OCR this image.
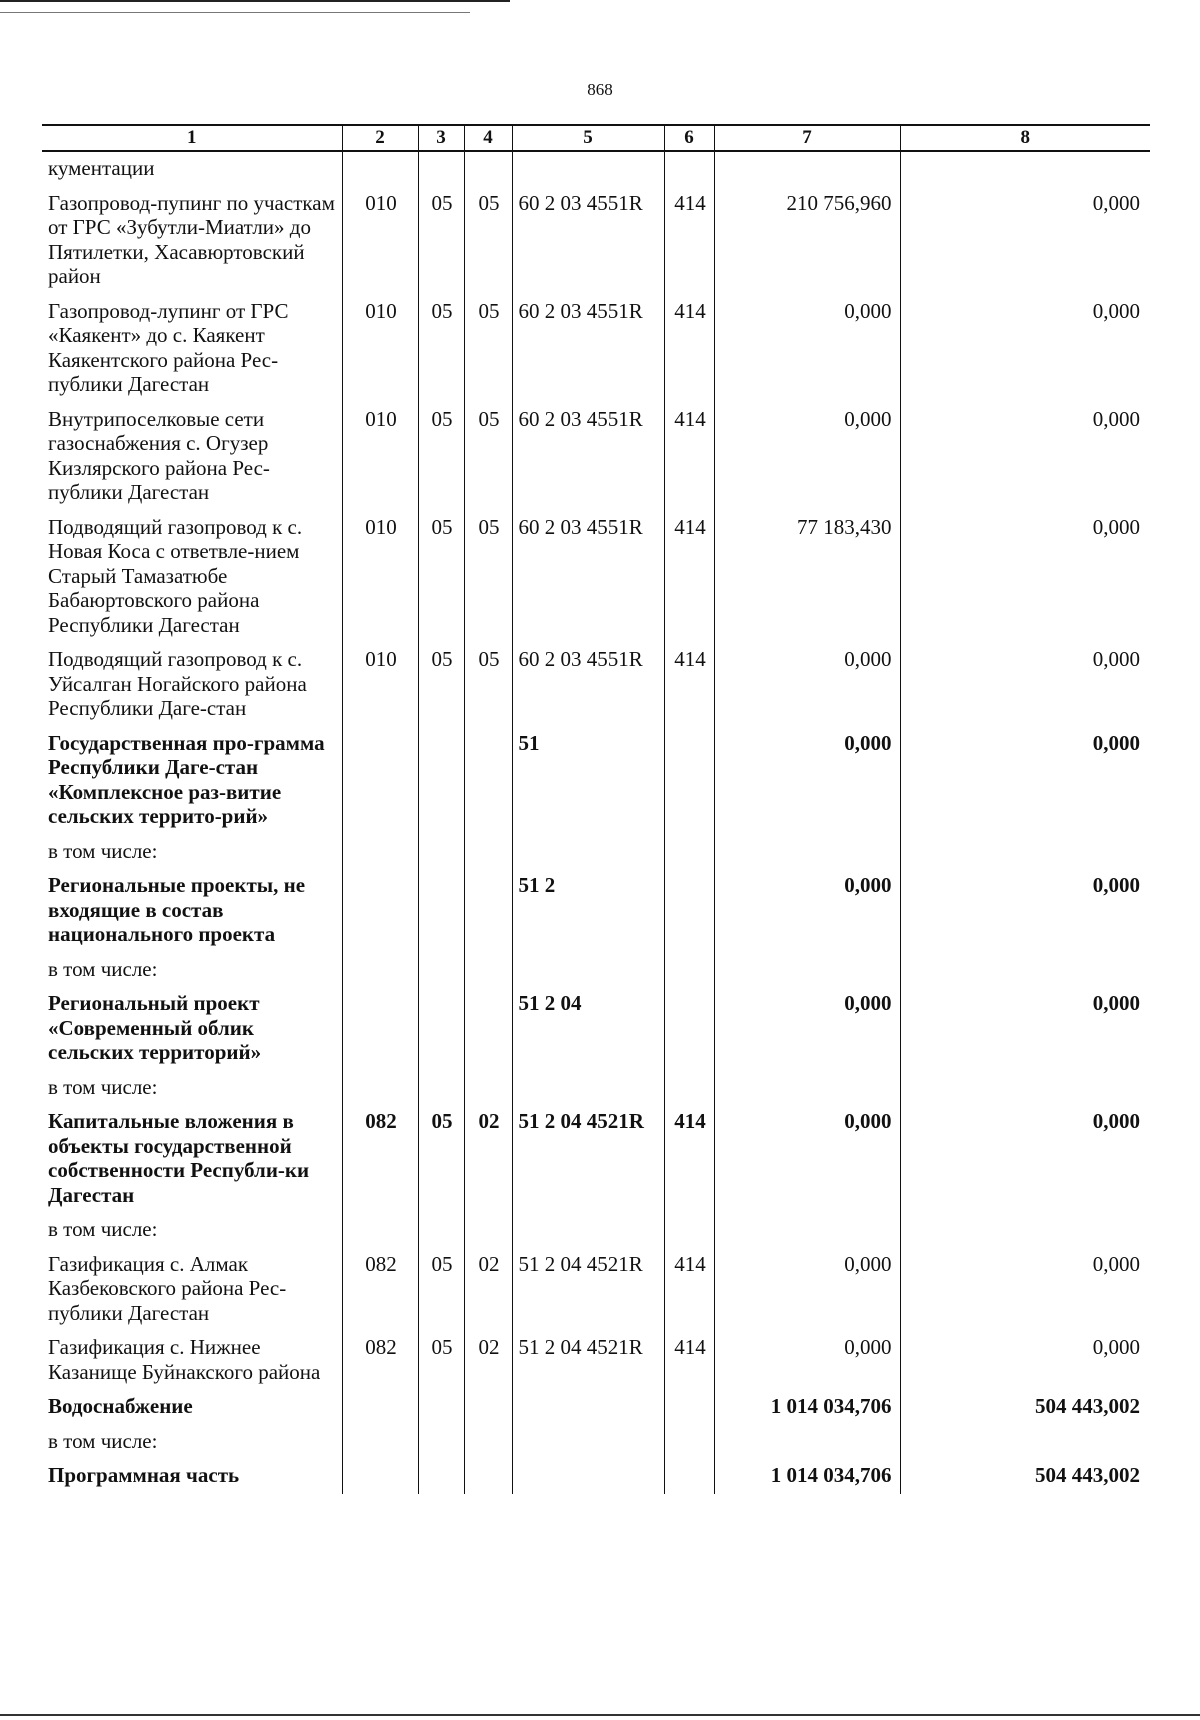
868
1	2	3	4	5	6	7	8
кументации							
Газопровод-пупинг по участкам от ГРС «Зубутли-Миатли» до Пятилетки, Хасавюртовский район	010	05	05	60 2 03 4551R	414	210 756,960	0,000
Газопровод-лупинг от ГРС «Каякент» до с. Каякент Каякентского района Рес-публики Дагестан	010	05	05	60 2 03 4551R	414	0,000	0,000
Внутрипоселковые сети газоснабжения с. Огузер Кизлярского района Рес-публики Дагестан	010	05	05	60 2 03 4551R	414	0,000	0,000
Подводящий газопровод к с. Новая Коса с ответвле-нием Старый Тамазатюбе Бабаюртовского района Республики Дагестан	010	05	05	60 2 03 4551R	414	77 183,430	0,000
Подводящий газопровод к с. Уйсалган Ногайского района Республики Даге-стан	010	05	05	60 2 03 4551R	414	0,000	0,000
Государственная про-грамма Республики Даге-стан «Комплексное раз-витие сельских террито-рий»				51		0,000	0,000
в том числе:							
Региональные проекты, не входящие в состав национального проекта				51 2		0,000	0,000
в том числе:							
Региональный проект «Современный облик сельских территорий»				51 2 04		0,000	0,000
в том числе:							
Капитальные вложения в объекты государственной собственности Республи-ки Дагестан	082	05	02	51 2 04 4521R	414	0,000	0,000
в том числе:							
Газификация с. Алмак Казбековского района Рес-публики Дагестан	082	05	02	51 2 04 4521R	414	0,000	0,000
Газификация с. Нижнее Казанище Буйнакского района	082	05	02	51 2 04 4521R	414	0,000	0,000
Водоснабжение						1 014 034,706	504 443,002
в том числе:							
Программная часть						1 014 034,706	504 443,002
